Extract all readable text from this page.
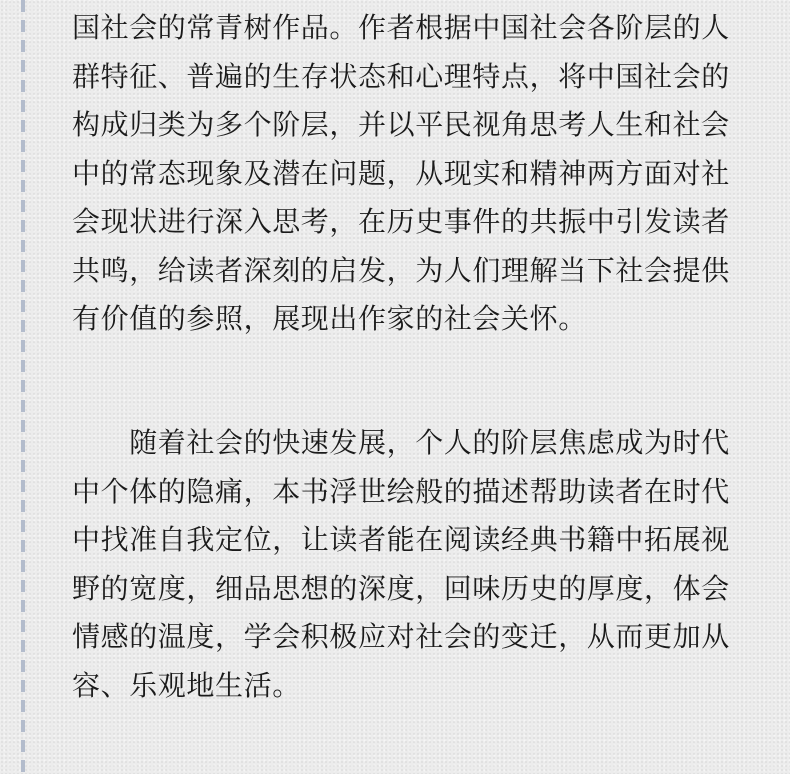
国社会的常青树作品。作者根据中国社会各阶层的人
群特征、普遍的生存状态和心理特点，将中国社会的
构成归类为多个阶层，并以平民视角思考人生和社会
中的常态现象及潜在问题，从现实和精神两方面对社
会现状进行深入思考，在历史事件的共振中引发读者
共鸣，给读者深刻的启发，为人们理解当下社会提供
有价值的参照，展现出作家的社会关怀。

　　随着社会的快速发展，个人的阶层焦虑成为时代
中个体的隐痛，本书浮世绘般的描述帮助读者在时代
中找准自我定位，让读者能在阅读经典书籍中拓展视
野的宽度，细品思想的深度，回味历史的厚度，体会
情感的温度，学会积极应对社会的变迁，从而更加从
容、乐观地生活。
